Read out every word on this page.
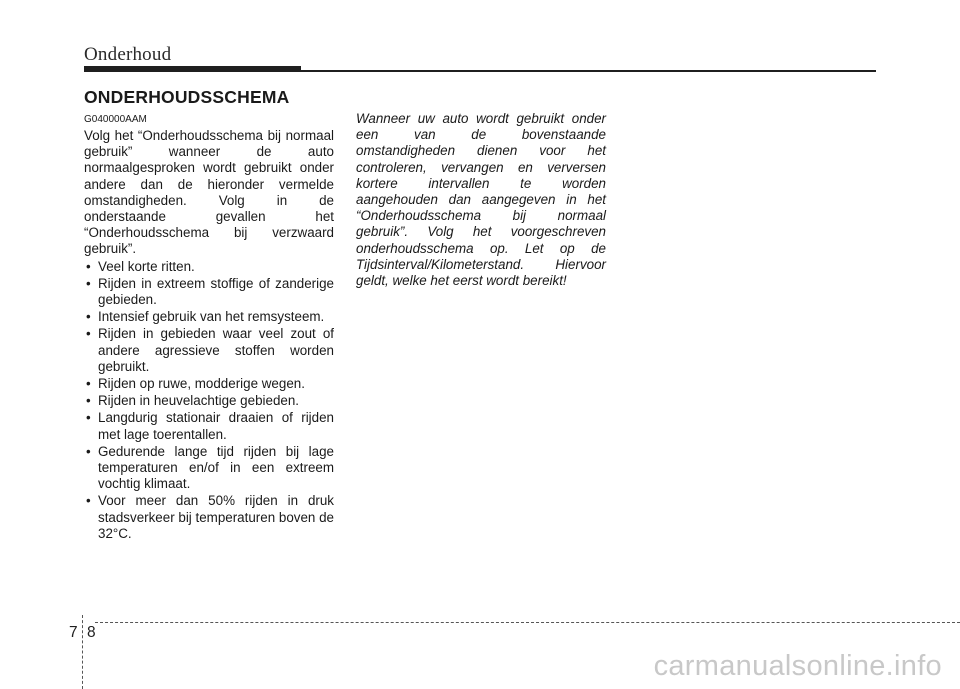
Onderhoud
ONDERHOUDSSCHEMA
G040000AAM

Volg het “Onderhoudsschema bij normaal gebruik” wanneer de auto normaalgesproken wordt gebruikt onder andere dan de hieronder vermelde omstandigheden. Volg in de onderstaande gevallen het “Onderhoudsschema bij verzwaard gebruik”.

• Veel korte ritten.
• Rijden in extreem stoffige of zanderige gebieden.
• Intensief gebruik van het remsysteem.
• Rijden in gebieden waar veel zout of andere agressieve stoffen worden gebruikt.
• Rijden op ruwe, modderige wegen.
• Rijden in heuvelachtige gebieden.
• Langdurig stationair draaien of rijden met lage toerentallen.
• Gedurende lange tijd rijden bij lage temperaturen en/of in een extreem vochtig klimaat.
• Voor meer dan 50% rijden in druk stadsverkeer bij temperaturen boven de 32°C.
Wanneer uw auto wordt gebruikt onder een van de bovenstaande omstandigheden dienen voor het controleren, vervangen en verversen kortere intervallen te worden aangehouden dan aangegeven in het “Onderhoudsschema bij normaal gebruik”. Volg het voorgeschreven onderhoudsschema op. Let op de Tijdsinterval/Kilometerstand. Hiervoor geldt, welke het eerst wordt bereikt!
7 8
carmanualsonline.info
